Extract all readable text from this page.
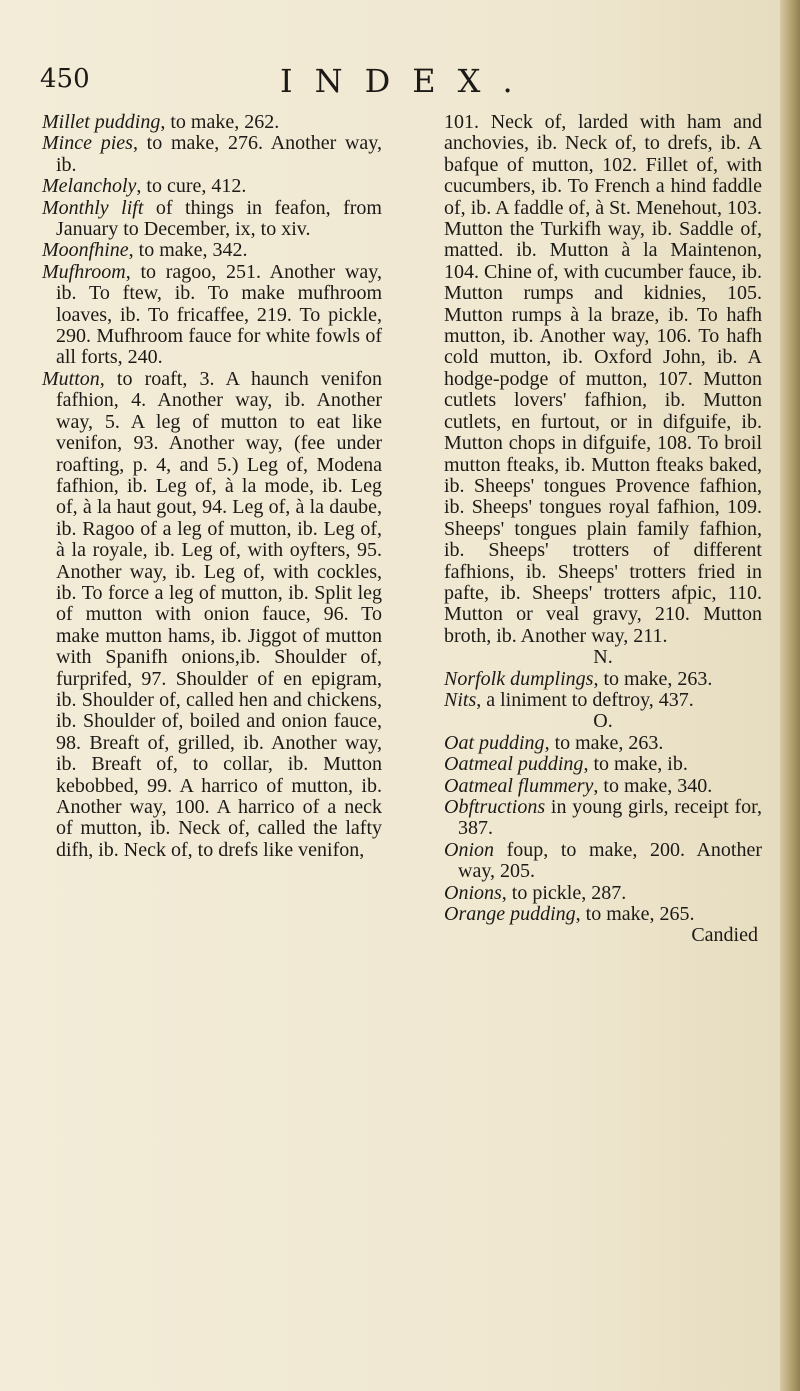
450	INDEX.

Millet pudding, to make, 262.

Mince pies, to make, 276. Another way, ib.

Melancholy, to cure, 412.

Monthly lift of things in feafon, from January to December, ix, to xiv.

Moonfhine, to make, 342.

Mufhroom, to ragoo, 251. Another way, ib. To ftew, ib. To make mufhroom loaves, ib. To fricaffee, 219. To pickle, 290. Mufhroom fauce for white fowls of all forts, 240.

Mutton, to roaft, 3. A haunch venifon fafhion, 4. Another way, ib. Another way, 5. A leg of mutton to eat like venifon, 93. Another way, (fee under roafting, p. 4, and 5.) Leg of, Modena fafhion, ib. Leg of, à la mode, ib. Leg of, à la haut gout, 94. Leg of, à la daube, ib. Ragoo of a leg of mutton, ib. Leg of, à la royale, ib. Leg of, with oyfters, 95. Another way, ib. Leg of, with cockles, ib. To force a leg of mutton, ib. Split leg of mutton with onion fauce, 96. To make mutton hams, ib. Jiggot of mutton with Spanifh onions,ib. Shoulder of, furprifed, 97. Shoulder of en epigram, ib. Shoulder of, called hen and chickens, ib. Shoulder of, boiled and onion fauce, 98. Breaft of, grilled, ib. Another way, ib. Breaft of, to collar, ib. Mutton kebobbed, 99. A harrico of mutton, ib. Another way, 100. A harrico of a neck of mutton, ib. Neck of, called the lafty difh, ib. Neck of, to drefs like venifon,

101. Neck of, larded with ham and anchovies, ib. Neck of, to drefs, ib. A bafque of mutton, 102. Fillet of, with cucumbers, ib. To French a hind faddle of, ib. A faddle of, à St. Menehout, 103. Mutton the Turkifh way, ib. Saddle of, matted. ib. Mutton à la Maintenon, 104. Chine of, with cucumber fauce, ib. Mutton rumps and kidnies, 105. Mutton rumps à la braze, ib. To hafh mutton, ib. Another way, 106. To hafh cold mutton, ib. Oxford John, ib. A hodge-podge of mutton, 107. Mutton cutlets lovers' fafhion, ib. Mutton cutlets, en furtout, or in difguife, ib. Mutton chops in difguife, 108. To broil mutton fteaks, ib. Mutton fteaks baked, ib. Sheeps' tongues Provence fafhion, ib. Sheeps' tongues royal fafhion, 109. Sheeps' tongues plain family fafhion, ib. Sheeps' trotters of different fafhions, ib. Sheeps' trotters fried in pafte, ib. Sheeps' trotters afpic, 110. Mutton or veal gravy, 210. Mutton broth, ib. Another way, 211.

N.

Norfolk dumplings, to make, 263.

Nits, a liniment to deftroy, 437.

O.

Oat pudding, to make, 263.

Oatmeal pudding, to make, ib.

Oatmeal flummery, to make, 340.

Obftructions in young girls, receipt for, 387.

Onion foup, to make, 200. Another way, 205.

Onions, to pickle, 287.

Orange pudding, to make, 265.

Candied
